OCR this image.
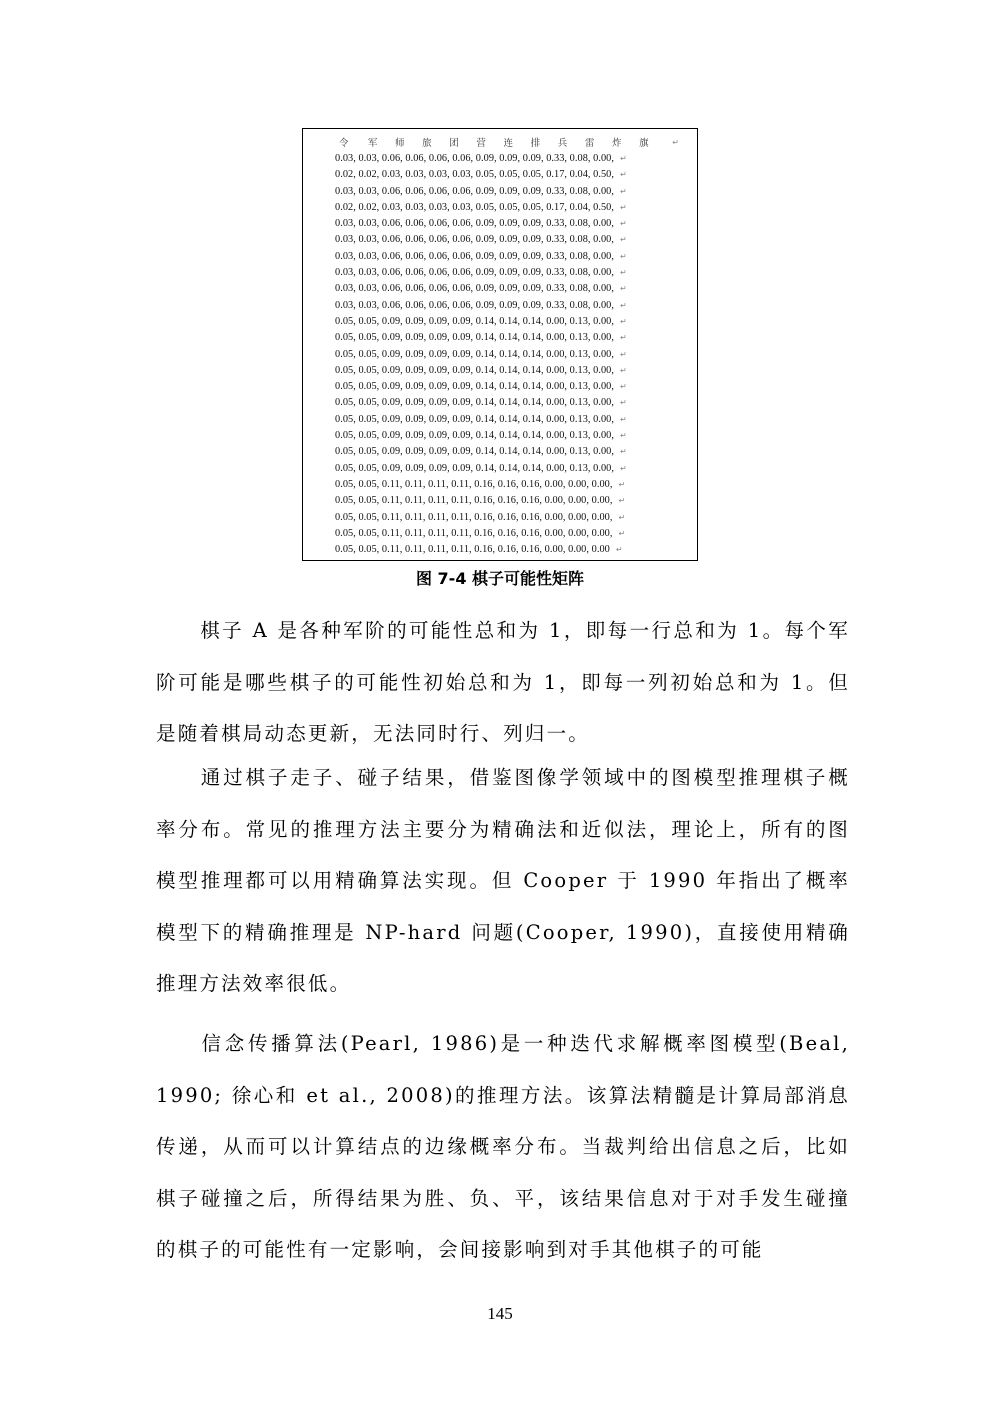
令	军	师	旅	团	营	连	排	兵	雷	炸	旗	↵
0.03, 0.03, 0.06, 0.06, 0.06, 0.06, 0.09, 0.09, 0.09, 0.33, 0.08, 0.00, ↵
0.02, 0.02, 0.03, 0.03, 0.03, 0.03, 0.05, 0.05, 0.05, 0.17, 0.04, 0.50, ↵
0.03, 0.03, 0.06, 0.06, 0.06, 0.06, 0.09, 0.09, 0.09, 0.33, 0.08, 0.00, ↵
0.02, 0.02, 0.03, 0.03, 0.03, 0.03, 0.05, 0.05, 0.05, 0.17, 0.04, 0.50, ↵
0.03, 0.03, 0.06, 0.06, 0.06, 0.06, 0.09, 0.09, 0.09, 0.33, 0.08, 0.00, ↵
0.03, 0.03, 0.06, 0.06, 0.06, 0.06, 0.09, 0.09, 0.09, 0.33, 0.08, 0.00, ↵
0.03, 0.03, 0.06, 0.06, 0.06, 0.06, 0.09, 0.09, 0.09, 0.33, 0.08, 0.00, ↵
0.03, 0.03, 0.06, 0.06, 0.06, 0.06, 0.09, 0.09, 0.09, 0.33, 0.08, 0.00, ↵
0.03, 0.03, 0.06, 0.06, 0.06, 0.06, 0.09, 0.09, 0.09, 0.33, 0.08, 0.00, ↵
0.03, 0.03, 0.06, 0.06, 0.06, 0.06, 0.09, 0.09, 0.09, 0.33, 0.08, 0.00, ↵
0.05, 0.05, 0.09, 0.09, 0.09, 0.09, 0.14, 0.14, 0.14, 0.00, 0.13, 0.00, ↵
0.05, 0.05, 0.09, 0.09, 0.09, 0.09, 0.14, 0.14, 0.14, 0.00, 0.13, 0.00, ↵
0.05, 0.05, 0.09, 0.09, 0.09, 0.09, 0.14, 0.14, 0.14, 0.00, 0.13, 0.00, ↵
0.05, 0.05, 0.09, 0.09, 0.09, 0.09, 0.14, 0.14, 0.14, 0.00, 0.13, 0.00, ↵
0.05, 0.05, 0.09, 0.09, 0.09, 0.09, 0.14, 0.14, 0.14, 0.00, 0.13, 0.00, ↵
0.05, 0.05, 0.09, 0.09, 0.09, 0.09, 0.14, 0.14, 0.14, 0.00, 0.13, 0.00, ↵
0.05, 0.05, 0.09, 0.09, 0.09, 0.09, 0.14, 0.14, 0.14, 0.00, 0.13, 0.00, ↵
0.05, 0.05, 0.09, 0.09, 0.09, 0.09, 0.14, 0.14, 0.14, 0.00, 0.13, 0.00, ↵
0.05, 0.05, 0.09, 0.09, 0.09, 0.09, 0.14, 0.14, 0.14, 0.00, 0.13, 0.00, ↵
0.05, 0.05, 0.09, 0.09, 0.09, 0.09, 0.14, 0.14, 0.14, 0.00, 0.13, 0.00, ↵
0.05, 0.05, 0.11, 0.11, 0.11, 0.11, 0.16, 0.16, 0.16, 0.00, 0.00, 0.00, ↵
0.05, 0.05, 0.11, 0.11, 0.11, 0.11, 0.16, 0.16, 0.16, 0.00, 0.00, 0.00, ↵
0.05, 0.05, 0.11, 0.11, 0.11, 0.11, 0.16, 0.16, 0.16, 0.00, 0.00, 0.00, ↵
0.05, 0.05, 0.11, 0.11, 0.11, 0.11, 0.16, 0.16, 0.16, 0.00, 0.00, 0.00, ↵
0.05, 0.05, 0.11, 0.11, 0.11, 0.11, 0.16, 0.16, 0.16, 0.00, 0.00, 0.00 ↵
图 7-4 棋子可能性矩阵

棋子 A 是各种军阶的可能性总和为 1，即每一行总和为 1。每个军阶可能是哪些棋子的可能性初始总和为 1，即每一列初始总和为 1。但是随着棋局动态更新，无法同时行、列归一。

通过棋子走子、碰子结果，借鉴图像学领域中的图模型推理棋子概率分布。常见的推理方法主要分为精确法和近似法，理论上，所有的图模型推理都可以用精确算法实现。但 Cooper 于 1990 年指出了概率模型下的精确推理是 NP-hard 问题(Cooper, 1990)，直接使用精确推理方法效率很低。

信念传播算法(Pearl, 1986)是一种迭代求解概率图模型(Beal, 1990; 徐心和 et al., 2008)的推理方法。该算法精髓是计算局部消息传递，从而可以计算结点的边缘概率分布。当裁判给出信息之后，比如棋子碰撞之后，所得结果为胜、负、平，该结果信息对于对手发生碰撞的棋子的可能性有一定影响，会间接影响到对手其他棋子的可能

145
